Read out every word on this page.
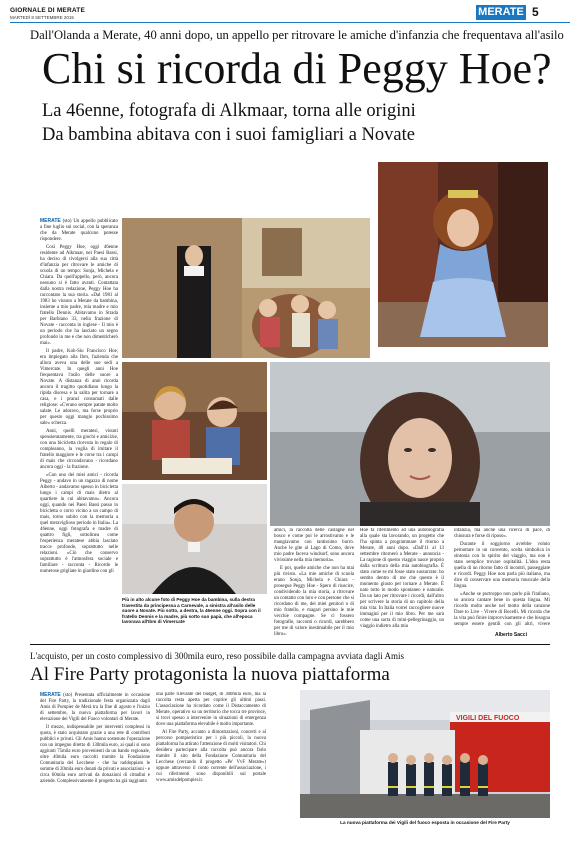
GIORNALE DI MERATE
MARTEDÌ 8 SETTEMBRE 2015	MERATE 5
Dall'Olanda a Merate, 40 anni dopo, un appello per ritrovare le amiche d'infanzia che frequentava all'asilo
Chi si ricorda di Peggy Hoe?
La 46enne, fotografa di Alkmaar, torna alle origini
Da bambina abitava con i suoi famigliari a Novate

MERATE (sto) Un appello pubblicato a fine luglio sui social, con la speranza che da Merate qualcuno potesse rispondere.

Così Peggy Hoe, oggi 46enne residente ad Alkmaar, nei Paesi Bassi, ha deciso di rivolgersi alla sua città d'infanzia per ritrovare le amiche di scuola di un tempo: Sonja, Michela e Chiara. Da quell'appello, però, ancora nessuno si è fatto avanti. Contattata dalla nostra redazione, Peggy Hoe ha raccontato la sua storia. «Dal 1981 al 1983 ho vissuto a Merate da bambina, insieme a mio padre, mia madre e mio fratello Dennis. Abitavamo in Strada per Barbiano 33, nella frazione di Novate - racconta in inglese - Il mio è un periodo che ha lasciato un segno profondo in me e che non dimenticherò mai».

Il padre, Koh-Siu Francisco Hoe, era impiegato alla Ibm, l'azienda che allora aveva una delle sue sedi a Vimercate. In quegli anni Hoe frequentava l'asilo delle suore a Novate. A distanza di anni ricorda ancora il tragitto quotidiano lungo la ripida discesa e la salita per tornare a casa, e i pranzi consumati dalle religiose: «C'erano sempre patate molto salate. Le adoravo, ma forse proprio per questo oggi mangio pochissimo sale» scherza.

Anni, quelli meratesi, vissuti spensieratamente, tra giochi e amicizie, con una bicicletta ricevuta in regalo di compleanno, la voglia di imitare il fratello maggiore e le corse tra i campi di mais che circondavano - ricordano ancora oggi - la frazione.

«Con uno dei miei amici - ricorda Peggy - andavo in un ragazzo di nome Alberto - andavamo spesso in bicicletta lungo i campi di mais dietro al quartiere in cui abitavamo». Ancora oggi, quando nei Paesi Bassi passo in bicicletta o corro vicino a un campo di mais, torno subito con la memoria a quel meraviglioso periodo in Italia». La 46enne, oggi fotografa e madre di quattro figli, sottolinea come l'esperienza meratese abbia lasciato tracce profonde, soprattutto nelle relazioni. «Ciò che conservo soprattutto è l'atmosfera sociale e familiare - racconta - Ricordo le numerose grigliate in giardino con gli

Più in alto alcune foto di Peggy Hoe da bambina, sulla destra travestita da principessa a Carnevale, a sinistra all'asilo delle suore a Novate. Più sotto, a destra, la 46enne oggi. Sopra con il fratello Dennis e la madre, più sotto suo papà, che all'epoca lavorava all'Ibm di Vimercate

amici, la raccolta delle castagne nel bosco e come poi le arrostivamo e le mangiavamo con tantissimo burro. Anche le gite al Lago di Como, dove mio padre faceva windsurf, sono ancora vivissime nella mia memoria».

E poi, quelle amiche che non ha mai più rivisto. «La mie amiche di scuola erano Sonja, Michela e Chiara - prosegue Peggy Hoe - Spero di riuscire, condividendo la mia storia, a ritrovare un contatto con loro e con persone che si ricordano di me, dei miei genitori o di mio fratello, e magari persino le mie vecchie compagne. Se ci fossero fotografie, racconti o ricordi, sarebbero per me di valore inestimabile per il mio libro».

Hoe fa riferimento ad una autobiografia alla quale sta lavorando, un progetto che l'ha spinta a programmare il ritorno a Merate, 40 anni dopo. «Dall'11 al 13 settembre ritornerò a Merate - annuncia - La ragione di questo viaggio nasce proprio dalla scrittura della mia autobiografia. È stato come se mi fosse stato sussurrato: ho sentito dentro di me che questo è il momento giusto per tornare a Merate. È nato tutto in modo spontaneo e naturale. Da un lato per ritrovare i ricordi, dall'altro per scrivere la storia di un capitolo della mia vita. In Italia vorrei raccogliere nuove immagini per il mio libro. Per me sarà come una sorta di mini-pellegrinaggio, un viaggio indietro alla mia

infanzia, ma anche una ricerca di pace, di chiusura e forse di riposo».

Durante il soggiorno avrebbe voluto pernottare in un convento, scelta simbolica in sintonia con lo spirito del viaggio, ma non è stato semplice trovare ospitalità. L'idea resta quella di un ritorno fatto di incontri, passeggiate e ricordi. Peggy Hoe non parla più italiano, ma dice di conservare una memoria musicale della lingua.

«Anche se purtroppo non parlo più l'italiano, so ancora cantare bene in questa lingua. Mi ricordo molto anche nel motto della canzone Dare to Live - Vivere di Bocelli. Mi ricorda che la vita può finire improvvisamente e che bisogna sempre essere gentili con gli altri, vivere

Alberto Sacci
L'acquisto, per un costo complessivo di 300mila euro, reso possibile dalla campagna avviata dagli Amis
Al Fire Party protagonista la nuova piattaforma

MERATE (sto) Presentata ufficialmente in occasione del Fire Party, la tradizionale festa organizzata dagli Amis di Pompier de Merà tra la fine di agosto e l'inizio di settembre, la nuova piattaforma per lavori in elevazione dei Vigili del Fuoco volontari di Merate.

Il mezzo, indispensabile per interventi complessi in quota, è stato acquistato grazie a una rete di contributi pubblici e privati. Gli Amis hanno sostenuto l'operazione con un impegno diretto di 130mila euro, ai quali si sono aggiunti 75mila euro provenienti da un bando regionale, oltre 40mila euro raccolti tramite la Fondazione Comunitaria del Lecchese - che ha raddoppiato le somme di 20mila euro donati da privati e associazioni - e circa 60mila euro arrivati da donazioni di cittadini e aziende. Complessivamente il progetto ha già raggiunto

una parte rilevante del budget, di 300mila euro, ma la raccolta resta aperta per coprire gli ultimi passi. L'associazione ha ricordato come il Distaccamento di Merate, operativo su un territorio che tocca tre province, si trovi spesso a intervenire in situazioni di emergenza dove una piattaforma elevabile è molto importante.

Al Fire Party, accanto a dimostrazioni, concerti e al percorso pompieristico per i più piccoli, la nuova piattaforma ha attirato l'attenzione di molti visitatori. Chi desidera partecipare alla raccolta può ancora farlo tramite il sito della Fondazione Comunitaria del Lecchese (cercando il progetto «Pe' VvF Merate») oppure attraverso il conto corrente dell'associazione, i cui riferimenti sono disponibili sul portale www.amisdelpompier.it.

VIGILI DEL FUOCO
La nuova piattaforma dei Vigili del fuoco esposta in occasione del Fire Party
